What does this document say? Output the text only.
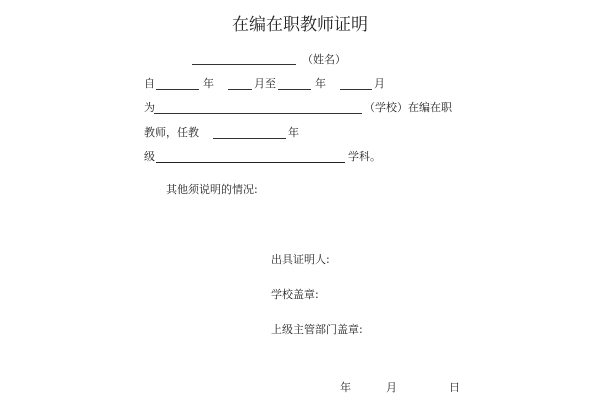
在编在职教师证明
（姓名）
自	年	月至	年	月
为	（学校）在编在职
教师，任教	年
级	学科。
其他须说明的情况:
出具证明人:
学校盖章:
上级主管部门盖章:
年	月	日
